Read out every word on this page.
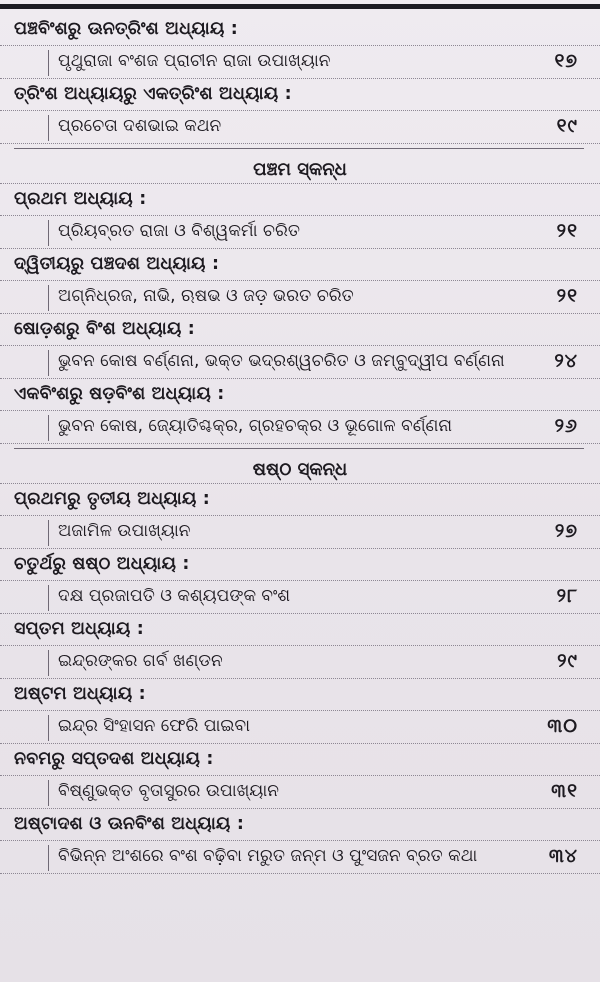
ପଞ୍ଚବିଂଶରୁ ଊନତ୍ରିଂଶ ଅଧ୍ୟାୟ :
ପୃଥୁରାଜା ବଂଶଜ ପ୍ରାଚୀନ ରାଜା ଉପାଖ୍ୟାନ	୧୭
ତ୍ରିଂଶ ଅଧ୍ୟାୟରୁ ଏକତ୍ରିଂଶ ଅଧ୍ୟାୟ :
ପ୍ରଚେତା ଦଶଭାଇ କଥନ	୧୯
ପଞ୍ଚମ ସ୍କନ୍ଧ
ପ୍ରଥମ ଅଧ୍ୟାୟ :
ପ୍ରିୟବ୍ରତ ରାଜା ଓ ବିଶ୍ୱକର୍ମା ଚରିତ	୨୧
ଦ୍ୱିତୀୟରୁ ପଞ୍ଚଦଶ ଅଧ୍ୟାୟ :
ଅଗ୍ନିଧ୍ରଜ, ନାଭି, ଋଷଭ ଓ ଜଡ଼ ଭରତ ଚରିତ	୨୧
ଷୋଡ଼ଶରୁ ବିଂଶ ଅଧ୍ୟାୟ :
ଭୁବନ କୋଷ ବର୍ଣ୍ଣନା, ଭକ୍ତ ଭଦ୍ରଶ୍ୱଚରିତ ଓ ଜମ୍ବୁଦ୍ୱୀପ ବର୍ଣ୍ଣନା	୨୪
ଏକବିଂଶରୁ ଷଡ଼ବିଂଶ ଅଧ୍ୟାୟ :
ଭୁବନ କୋଷ, ଜ୍ୟୋତିଶ୍ଚକ୍ର, ଗ୍ରହଚକ୍ର ଓ ଭୂଗୋଳ ବର୍ଣ୍ଣନା	୨୬
ଷଷ୍ଠ ସ୍କନ୍ଧ
ପ୍ରଥମରୁ ତୃତୀୟ ଅଧ୍ୟାୟ :
ଅଜାମିଳ ଉପାଖ୍ୟାନ	୨୭
ଚତୁର୍ଥରୁ ଷଷ୍ଠ ଅଧ୍ୟାୟ :
ଦକ୍ଷ ପ୍ରଜାପତି ଓ କଶ୍ୟପଙ୍କ ବଂଶ	୨୮
ସପ୍ତମ ଅଧ୍ୟାୟ :
ଇନ୍ଦ୍ରଙ୍କର ଗର୍ବ ଖଣ୍ଡନ	୨୯
ଅଷ୍ଟମ ଅଧ୍ୟାୟ :
ଇନ୍ଦ୍ର ସିଂହାସନ ଫେରି ପାଇବା	୩୦
ନବମରୁ ସପ୍ତଦଶ ଅଧ୍ୟାୟ :
ବିଷ୍ଣୁଭକ୍ତ ବୃତାସୁରର ଉପାଖ୍ୟାନ	୩୧
ଅଷ୍ଟାଦଶ ଓ ଊନବିଂଶ ଅଧ୍ୟାୟ :
ବିଭିନ୍ନ ଅଂଶରେ ବଂଶ ବଢ଼ିବା ମରୁତ ଜନ୍ମ ଓ ପୁଂସଜନ ବ୍ରତ କଥା	୩୪
